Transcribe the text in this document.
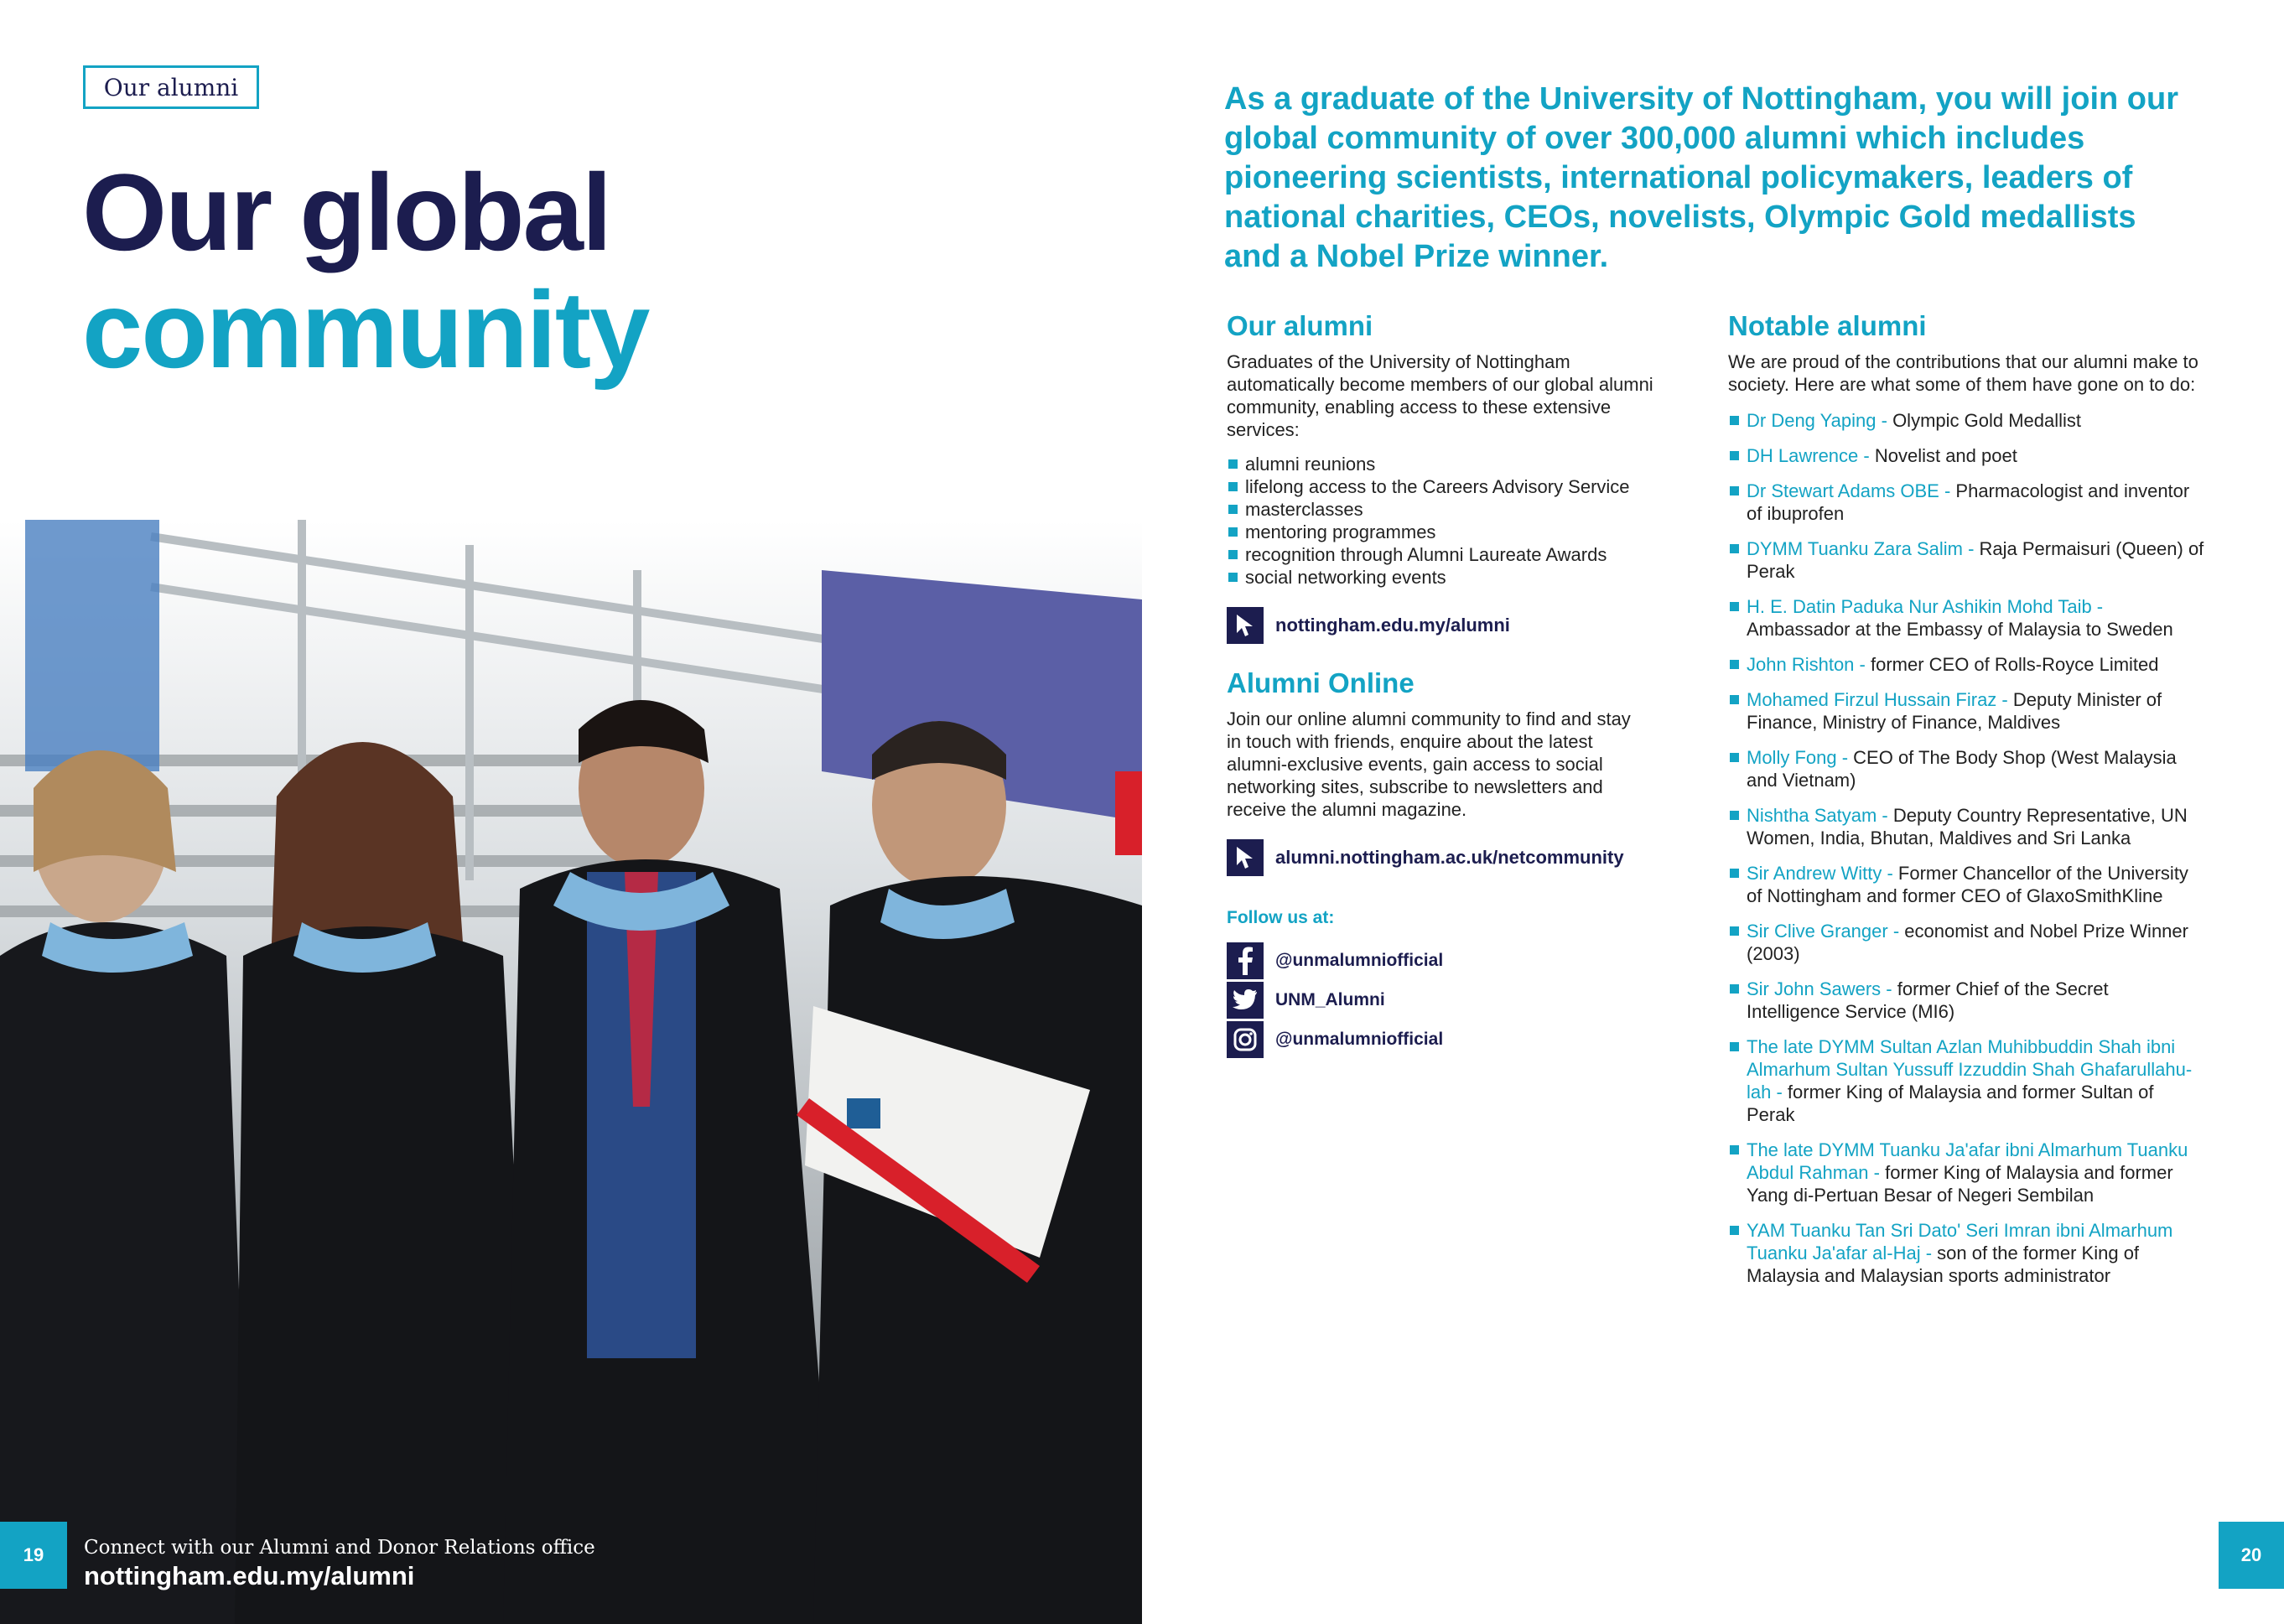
Our alumni
Our global
community
19	Connect with our Alumni and Donor Relations office
nottingham.edu.my/alumni
As a graduate of the University of Nottingham, you will join our global community of over 300,000 alumni which includes pioneering scientists, international policymakers, leaders of national charities, CEOs, novelists, Olympic Gold medallists and a Nobel Prize winner.
Our alumni
Graduates of the University of Nottingham automatically become members of our global alumni community, enabling access to these extensive services:
alumni reunions
lifelong access to the Careers Advisory Service
masterclasses
mentoring programmes
recognition through Alumni Laureate Awards
social networking events
nottingham.edu.my/alumni
Alumni Online
Join our online alumni community to find and stay in touch with friends, enquire about the latest alumni-exclusive events, gain access to social networking sites, subscribe to newsletters and receive the alumni magazine.
alumni.nottingham.ac.uk/netcommunity
Follow us at:
@unmalumniofficial
UNM_Alumni
@unmalumniofficial
Notable alumni
We are proud of the contributions that our alumni make to society. Here are what some of them have gone on to do:
Dr Deng Yaping - Olympic Gold Medallist
DH Lawrence - Novelist and poet
Dr Stewart Adams OBE - Pharmacologist and inventor of ibuprofen
DYMM Tuanku Zara Salim - Raja Permaisuri (Queen) of Perak
H. E. Datin Paduka Nur Ashikin Mohd Taib - Ambassador at the Embassy of Malaysia to Sweden
John Rishton - former CEO of Rolls-Royce Limited
Mohamed Firzul Hussain Firaz - Deputy Minister of Finance, Ministry of Finance, Maldives
Molly Fong - CEO of The Body Shop (West Malaysia and Vietnam)
Nishtha Satyam - Deputy Country Representative, UN Women, India, Bhutan, Maldives and Sri Lanka
Sir Andrew Witty - Former Chancellor of the University of Nottingham and former CEO of GlaxoSmithKline
Sir Clive Granger - economist and Nobel Prize Winner (2003)
Sir John Sawers - former Chief of the Secret Intelligence Service (MI6)
The late DYMM Sultan Azlan Muhibbuddin Shah ibni Almarhum Sultan Yussuff Izzuddin Shah Ghafarullahu-lah - former King of Malaysia and former Sultan of Perak
The late DYMM Tuanku Ja'afar ibni Almarhum Tuanku Abdul Rahman - former King of Malaysia and former Yang di-Pertuan Besar of Negeri Sembilan
YAM Tuanku Tan Sri Dato' Seri Imran ibni Almarhum Tuanku Ja'afar al-Haj - son of the former King of Malaysia and Malaysian sports administrator
20
